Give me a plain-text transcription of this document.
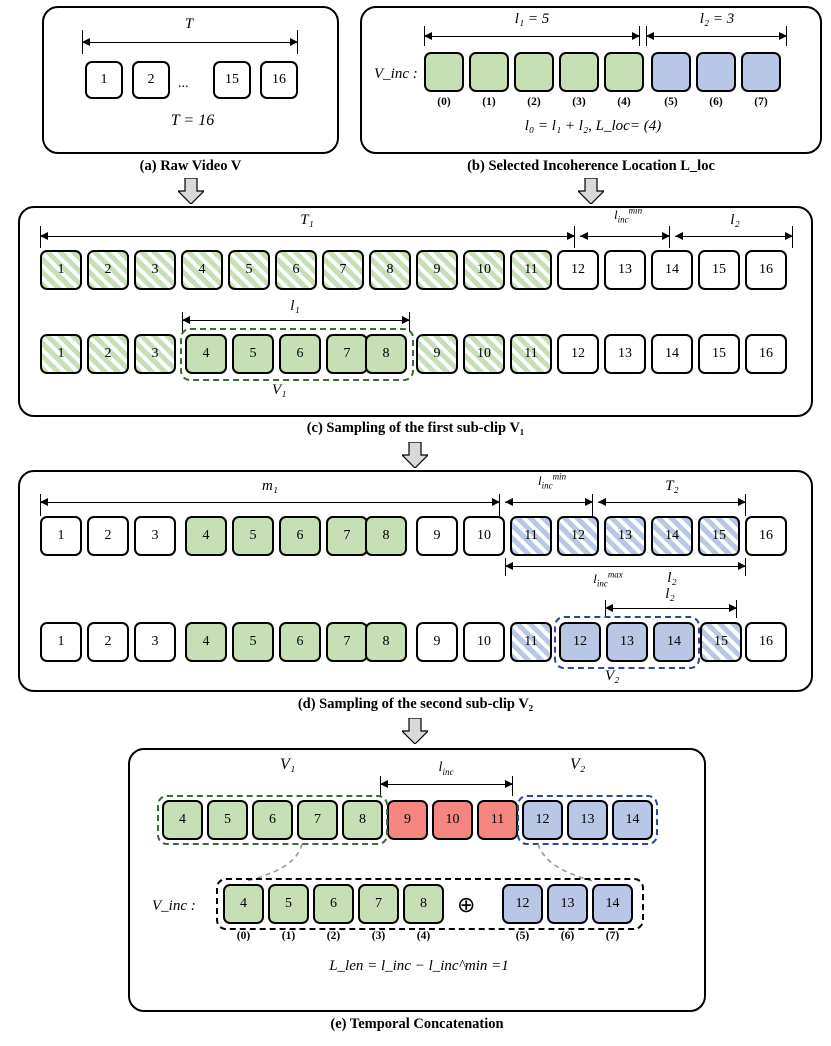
T
1	2	...	15	16
T = 16
(a) Raw Video V
l₁ = 5	l₂ = 3
V_inc :
(0)	(1)	(2)	(3)	(4)	(5)	(6)	(7)
l₀ = l₁ + l₂, L_loc= (4)
(b) Selected Incoherence Location L_loc
T₁	$l_{inc}^{min}$
l₂
1	2	3	4	5	6	7	8	9	10	11	12	13	14	15	16
l₁
1	2	3	4	5	6	7	8	9	10	11	12	13	14	15	16
V₁
(c) Sampling of the first sub-clip V₁
m₁	$l_{inc}^{min}$
T₂
1	2	3	4	5	6	7	8	9	10	11	12	13	14	15	16
$l_{inc}^{max}$	l₂
l₂
1	2	3	4	5	6	7	8	9	10	11	12	13	14	15	16
V₂
(d) Sampling of the second sub-clip V₂
V₁	V₂
$l_{inc}$
4	5	6	7	8	9	10	11	12	13	14
V_inc :	4	5	6	7	8	⊕	12	13	14
(0)	(1)	(2)	(3)	(4)	(5)	(6)	(7)
L_len = l_inc − l_inc^min =1
(e) Temporal Concatenation
